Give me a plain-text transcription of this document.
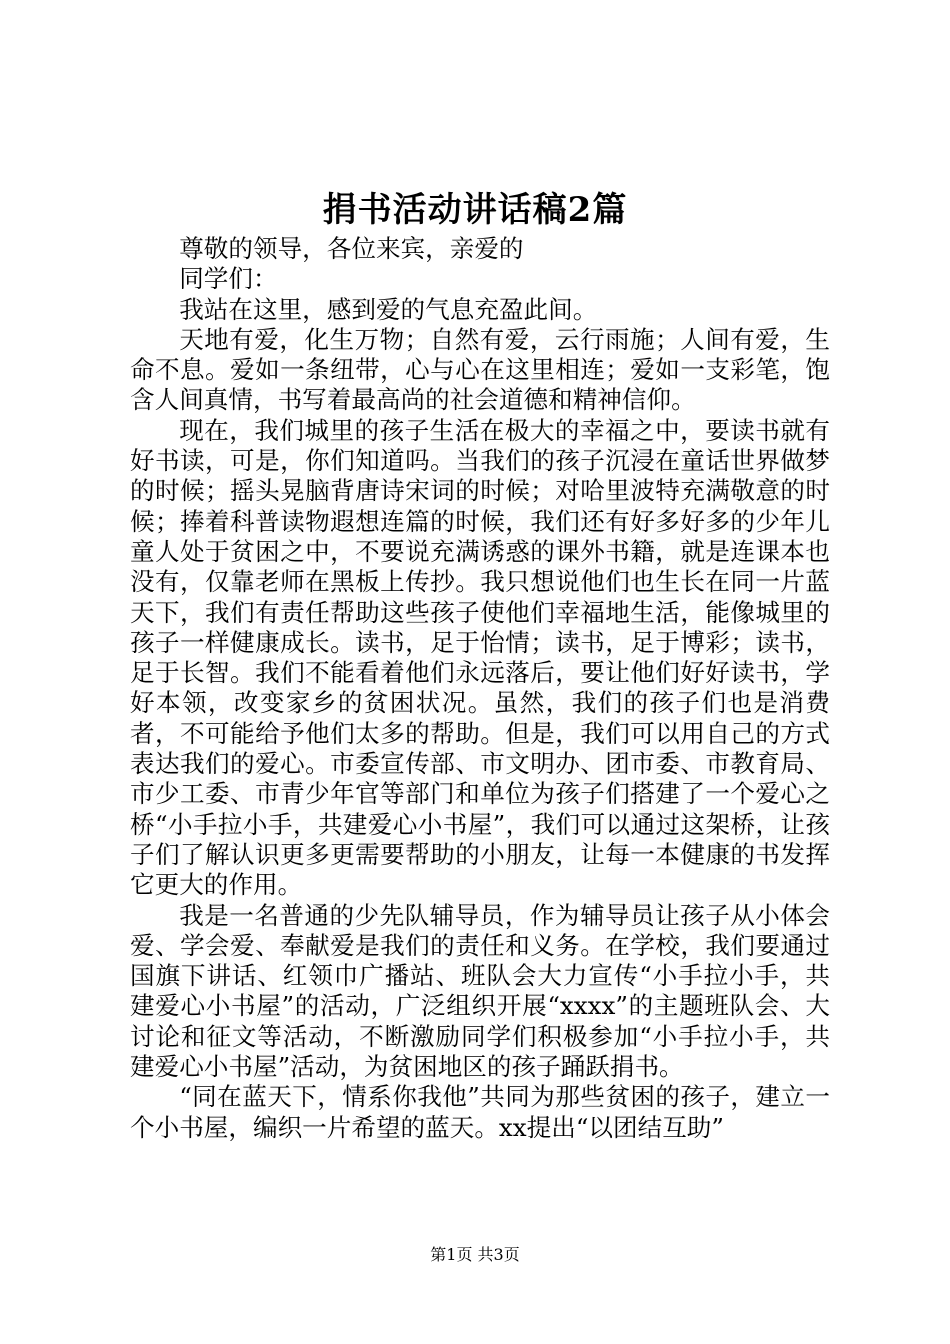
捐书活动讲话稿2篇

尊敬的领导，各位来宾，亲爱的

同学们：

我站在这里，感到爱的气息充盈此间。

天地有爱，化生万物；自然有爱，云行雨施；人间有爱，生命不息。爱如一条纽带，心与心在这里相连；爱如一支彩笔，饱含人间真情，书写着最高尚的社会道德和精神信仰。

现在，我们城里的孩子生活在极大的幸福之中，要读书就有好书读，可是，你们知道吗。当我们的孩子沉浸在童话世界做梦的时候；摇头晃脑背唐诗宋词的时候；对哈里波特充满敬意的时候；捧着科普读物遐想连篇的时候，我们还有好多好多的少年儿童人处于贫困之中，不要说充满诱惑的课外书籍，就是连课本也没有，仅靠老师在黑板上传抄。我只想说他们也生长在同一片蓝天下，我们有责任帮助这些孩子使他们幸福地生活，能像城里的孩子一样健康成长。读书，足于怡情；读书，足于博彩；读书，足于长智。我们不能看着他们永远落后，要让他们好好读书，学好本领，改变家乡的贫困状况。虽然，我们的孩子们也是消费者，不可能给予他们太多的帮助。但是，我们可以用自己的方式表达我们的爱心。市委宣传部、市文明办、团市委、市教育局、市少工委、市青少年官等部门和单位为孩子们搭建了一个爱心之桥“小手拉小手，共建爱心小书屋”，我们可以通过这架桥，让孩子们了解认识更多更需要帮助的小朋友，让每一本健康的书发挥它更大的作用。

我是一名普通的少先队辅导员，作为辅导员让孩子从小体会爱、学会爱、奉献爱是我们的责任和义务。在学校，我们要通过国旗下讲话、红领巾广播站、班队会大力宣传“小手拉小手，共建爱心小书屋”的活动，广泛组织开展“xxxx”的主题班队会、大讨论和征文等活动，不断激励同学们积极参加“小手拉小手，共建爱心小书屋”活动，为贫困地区的孩子踊跃捐书。

“同在蓝天下，情系你我他”共同为那些贫困的孩子，建立一个小书屋，编织一片希望的蓝天。xx提出“以团结互助”

第1页 共3页
